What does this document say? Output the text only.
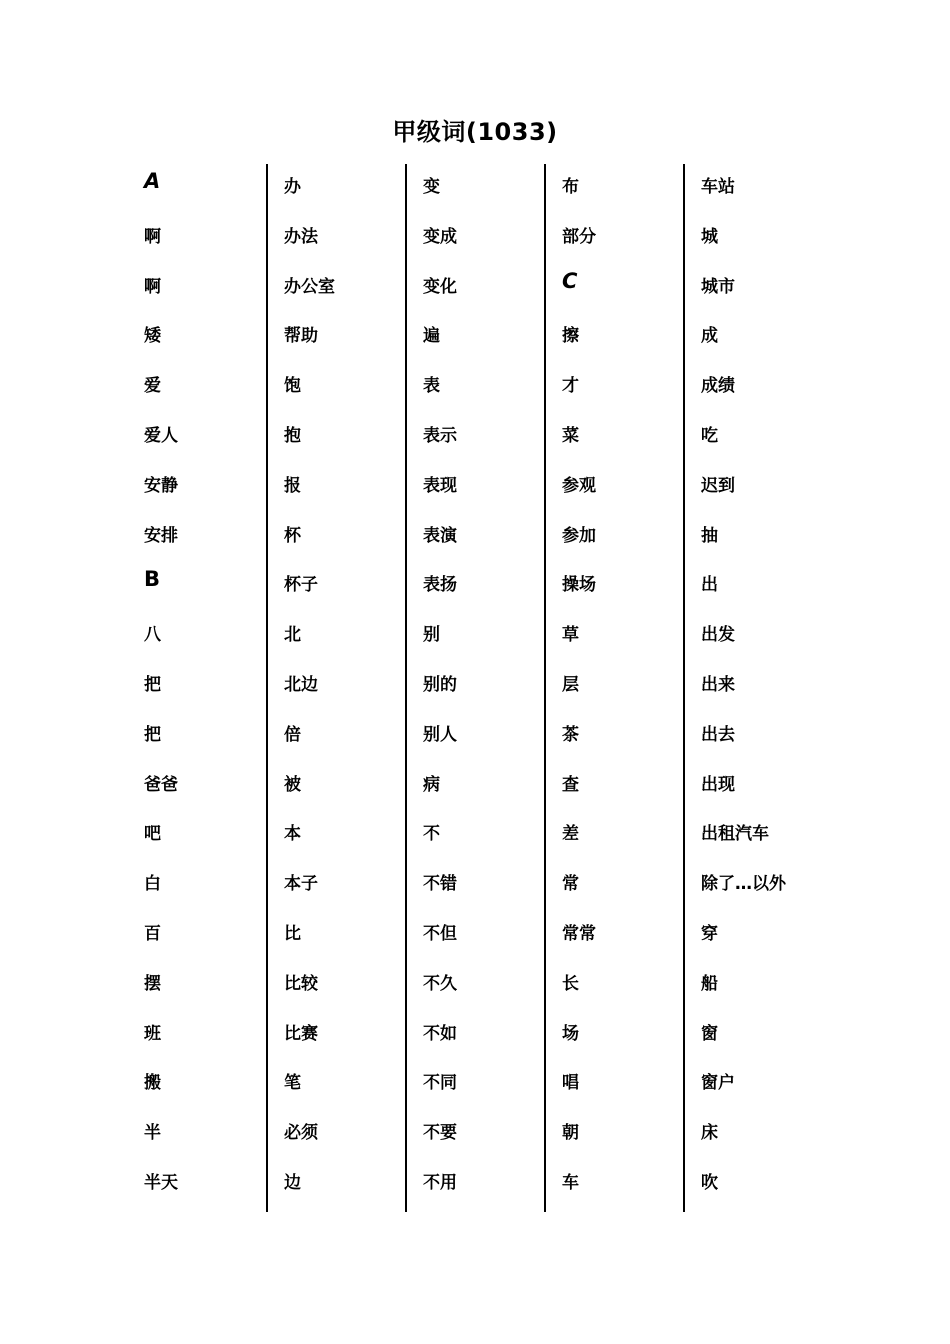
甲级词(1033)
A
啊
啊
矮
爱
爱人
安静
安排
B
八
把
把
爸爸
吧
白
百
摆
班
搬
半
半天
办
办法
办公室
帮助
饱
抱
报
杯
杯子
北
北边
倍
被
本
本子
比
比较
比赛
笔
必须
边
变
变成
变化
遍
表
表示
表现
表演
表扬
别
别的
别人
病
不
不错
不但
不久
不如
不同
不要
不用
布
部分
C
擦
才
菜
参观
参加
操场
草
层
茶
查
差
常
常常
长
场
唱
朝
车
车站
城
城市
成
成绩
吃
迟到
抽
出
出发
出来
出去
出现
出租汽车
除了…以外
穿
船
窗
窗户
床
吹
